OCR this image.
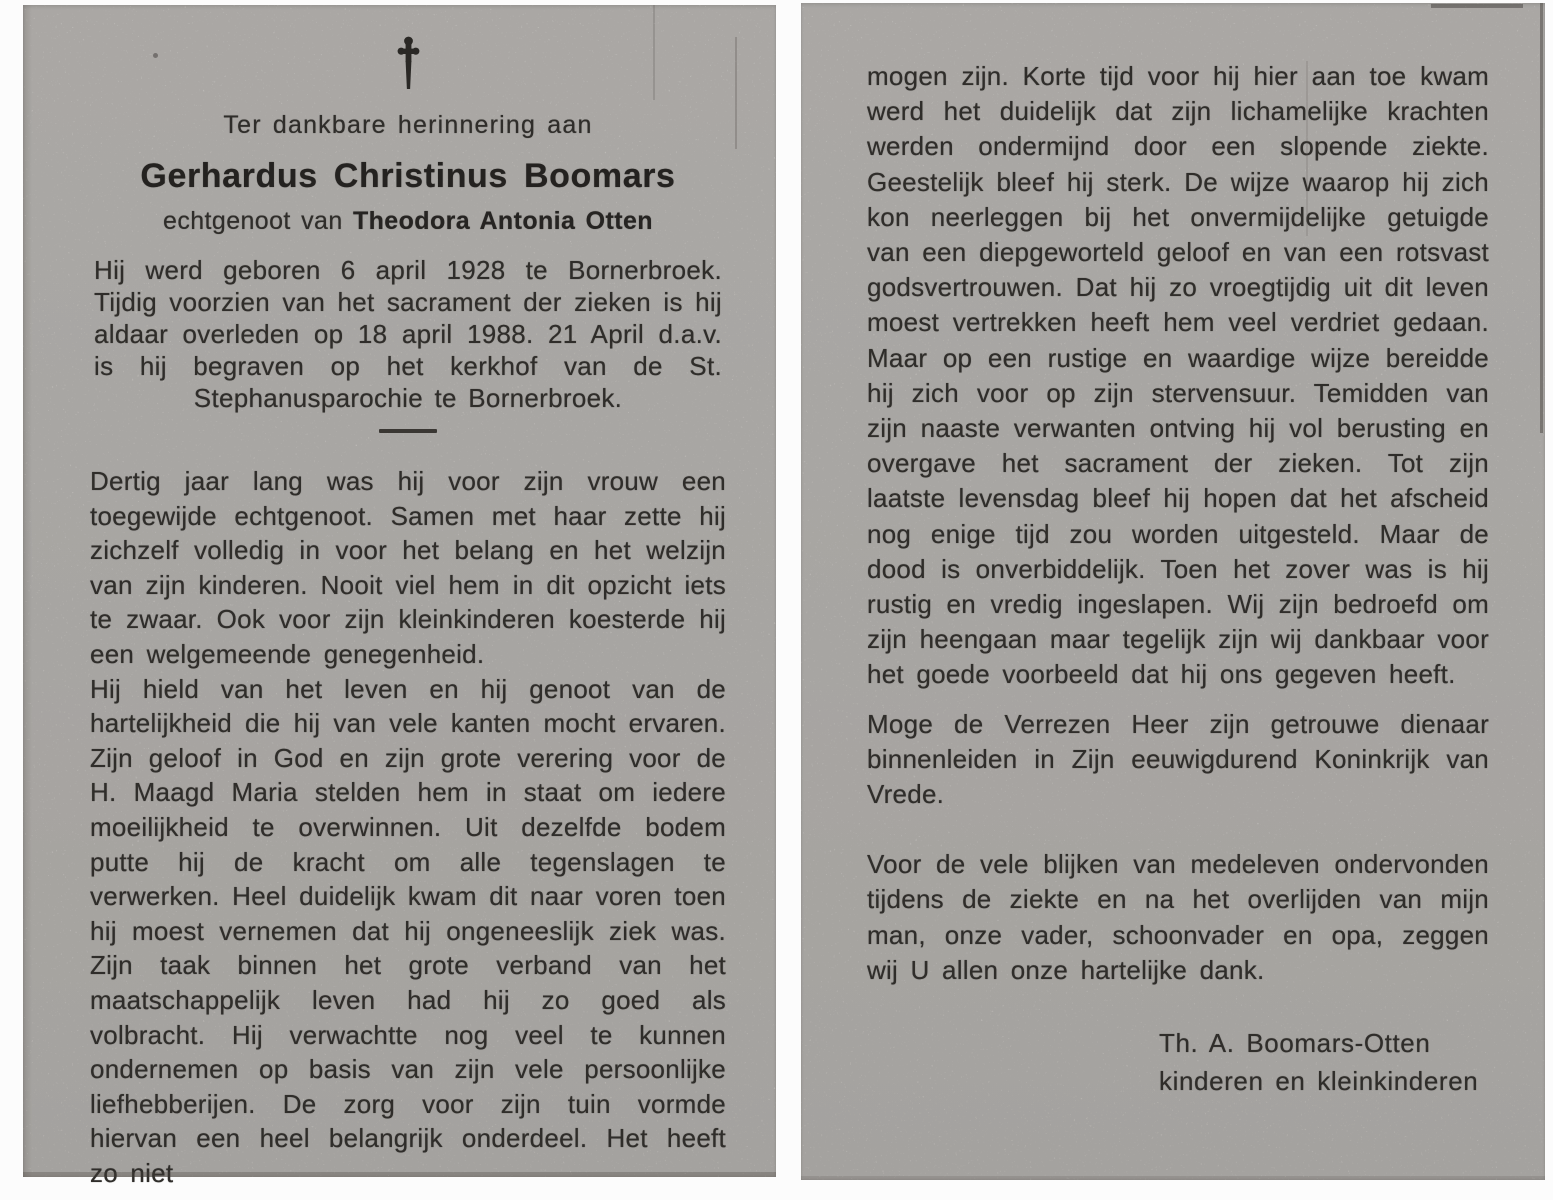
Ter dankbare herinnering aan
Gerhardus Christinus Boomars
echtgenoot van Theodora Antonia Otten

Hij werd geboren 6 april 1928 te Bornerbroek. Tijdig voorzien van het sacrament der zieken is hij aldaar overleden op 18 april 1988. 21 April d.a.v. is hij begraven op het kerkhof van de St. Stephanusparochie te Bornerbroek.

Dertig jaar lang was hij voor zijn vrouw een toegewijde echtgenoot. Samen met haar zette hij zichzelf volledig in voor het belang en het welzijn van zijn kinderen. Nooit viel hem in dit opzicht iets te zwaar. Ook voor zijn kleinkinderen koesterde hij een welgemeende genegenheid.

Hij hield van het leven en hij genoot van de hartelijkheid die hij van vele kanten mocht ervaren. Zijn geloof in God en zijn grote verering voor de H. Maagd Maria stelden hem in staat om iedere moeilijkheid te overwinnen. Uit dezelfde bodem putte hij de kracht om alle tegenslagen te verwerken. Heel duidelijk kwam dit naar voren toen hij moest vernemen dat hij ongeneeslijk ziek was. Zijn taak binnen het grote verband van het maatschappelijk leven had hij zo goed als volbracht. Hij verwachtte nog veel te kunnen ondernemen op basis van zijn vele persoonlijke liefhebberijen. De zorg voor zijn tuin vormde hiervan een heel belangrijk onderdeel. Het heeft zo niet

mogen zijn. Korte tijd voor hij hier aan toe kwam werd het duidelijk dat zijn lichamelijke krachten werden ondermijnd door een slopende ziekte. Geestelijk bleef hij sterk. De wijze waarop hij zich kon neerleggen bij het onvermijdelijke getuigde van een diepgeworteld geloof en van een rotsvast godsvertrouwen. Dat hij zo vroegtijdig uit dit leven moest vertrekken heeft hem veel verdriet gedaan. Maar op een rustige en waardige wijze bereidde hij zich voor op zijn stervensuur. Temidden van zijn naaste verwanten ontving hij vol berusting en overgave het sacrament der zieken. Tot zijn laatste levensdag bleef hij hopen dat het afscheid nog enige tijd zou worden uitgesteld. Maar de dood is onverbiddelijk. Toen het zover was is hij rustig en vredig ingeslapen. Wij zijn bedroefd om zijn heengaan maar tegelijk zijn wij dankbaar voor het goede voorbeeld dat hij ons gegeven heeft.

Moge de Verrezen Heer zijn getrouwe dienaar binnenleiden in Zijn eeuwigdurend Koninkrijk van Vrede.

Voor de vele blijken van medeleven ondervonden tijdens de ziekte en na het overlijden van mijn man, onze vader, schoonvader en opa, zeggen wij U allen onze hartelijke dank.

Th. A. Boomars-Otten
kinderen en kleinkinderen
